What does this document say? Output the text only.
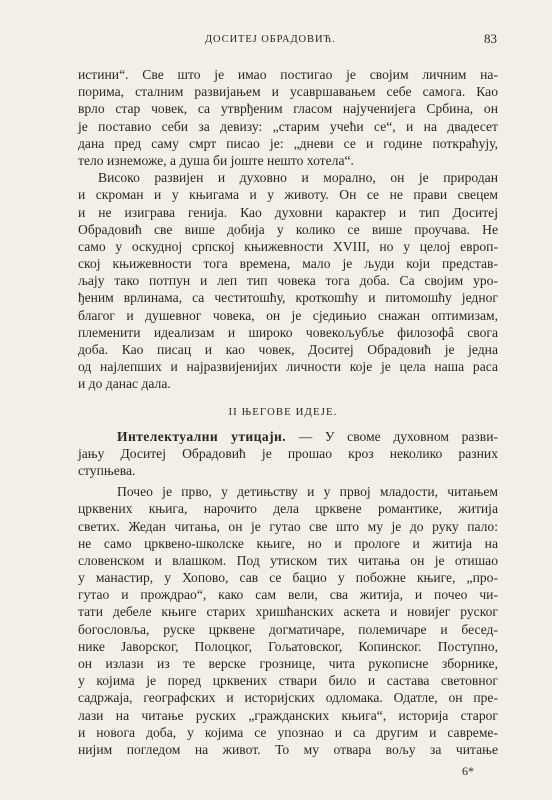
ДОСИТЕЈ ОБРАДОВИЋ.	83
истини“. Све што је имао постигао је својим личним на-
порима, сталним развијањем и усавршавањем себе самога. Као
врло стар човек, са утврђеним гласом најученијега Србина, он
је поставио себи за девизу: „старим учећи се“, и на двадесет
дана пред саму смрт писао је: „дневи се и године поткраћују,
тело изнеможе, а душа би јоште нешто хотела“.
Високо развијен и духовно и морално, он је природан
и скроман и у књигама и у животу. Он се не прави свецем
и не изиграва генија. Као духовни карактер и тип Доситеј
Обрадовић све више добија у колико се више проучава. Не
само у оскудној српској књижевности XVIII, но у целој европ-
ској књижевности тога времена, мало је људи који представ-
љају тако потпун и леп тип човека тога доба. Са својим уро-
ђеним врлинама, са честитошћу, кроткошћу и питомошћу једног
благог и душевног човека, он је сједињио снажан оптимизам,
племенити идеализам и широко човекољубље филозофâ свога
доба. Као писац и као човек, Доситеј Обрадовић је једна
од најлепших и најразвијенијих личности које је цела наша раса
и до данас дала.
II ЊЕГОВЕ ИДЕЈЕ.
Интелектуални утицаји. — У своме духовном разви-
јању Доситеј Обрадовић је прошао кроз неколико разних
ступњева.
Почео је прво, у детињству и у првој младости, читањем
црквених књига, нарочито дела црквене романтике, житија
светих. Жедан читања, он је гутао све што му је до руку пало:
не само црквено-школске књиге, но и прологе и житија на
словенском и влашком. Под утиском тих читања он је отишао
у манастир, у Хопово, сав се бацио у побожне књиге, „про-
гутао и прождрао“, како сам вели, сва житија, и почео чи-
тати дебеле књиге старих хришћанских аскета и новијег руског
богословља, руске црквене догматичаре, полемичаре и бесед-
нике Јаворског, Полоцког, Гољатовског, Копинског. Поступно,
он излази из те верске грознице, чита рукописне зборнике,
у којима је поред црквених ствари било и састава световног
садржаја, географских и историјских одломака. Одатле, он пре-
лази на читање руских „гражданских књига“, историја старог
и новога доба, у којима се упознао и са другим и савреме-
нијим погледом на живот. То му отвара вољу за читање
6*
